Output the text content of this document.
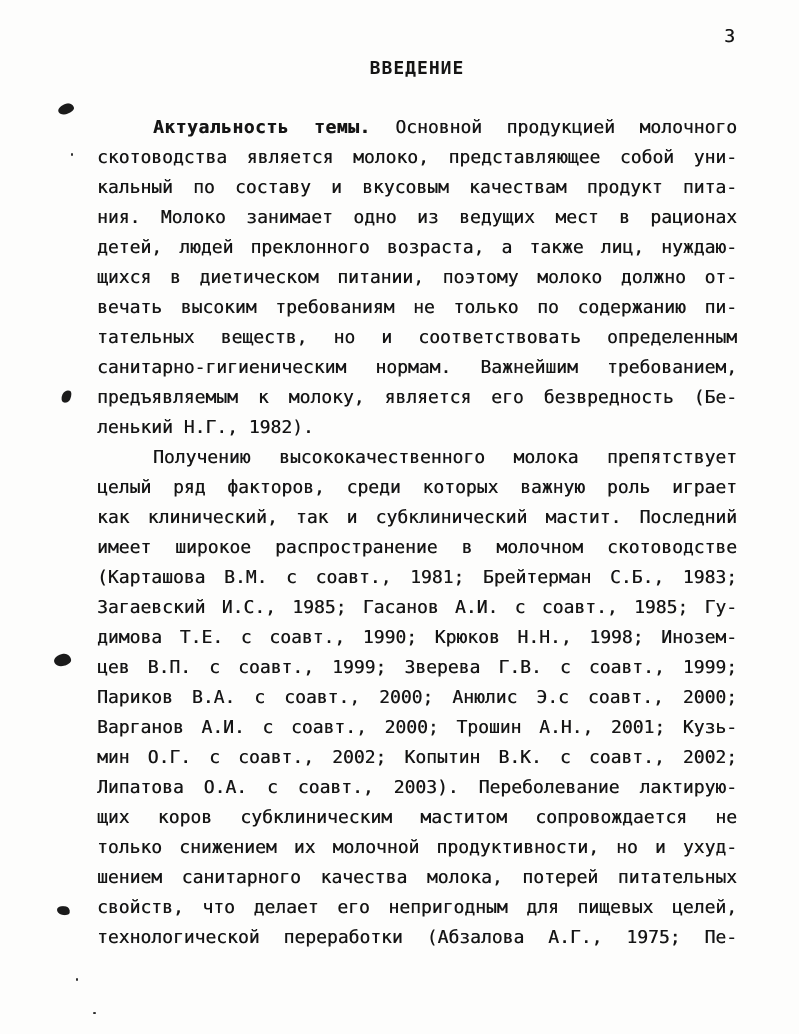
3
ВВЕДЕНИЕ
Актуальность темы. Основной продукцией молочного
скотоводства является молоко, представляющее собой уни-
кальный по составу и вкусовым качествам продукт пита-
ния. Молоко занимает одно из ведущих мест в рационах
детей, людей преклонного возраста, а также лиц, нуждаю-
щихся в диетическом питании, поэтому молоко должно от-
вечать высоким требованиям не только по содержанию пи-
тательных веществ, но и соответствовать определенным
санитарно-гигиеническим нормам. Важнейшим требованием,
предъявляемым к молоку, является его безвредность (Бе-
ленький Н.Г., 1982).
Получению высококачественного молока препятствует
целый ряд факторов, среди которых важную роль играет
как клинический, так и субклинический мастит. Последний
имеет широкое распространение в молочном скотоводстве
(Карташова В.М. с соавт., 1981; Брейтерман С.Б., 1983;
Загаевский И.С., 1985; Гасанов А.И. с соавт., 1985; Гу-
димова Т.Е. с соавт., 1990; Крюков Н.Н., 1998; Инозем-
цев В.П. с соавт., 1999; Зверева Г.В. с соавт., 1999;
Париков В.А. с соавт., 2000; Анюлис Э.с соавт., 2000;
Варганов А.И. с соавт., 2000; Трошин А.Н., 2001; Кузь-
мин О.Г. с соавт., 2002; Копытин В.К. с соавт., 2002;
Липатова О.А. с соавт., 2003). Переболевание лактирую-
щих коров субклиническим маститом сопровождается не
только снижением их молочной продуктивности, но и ухуд-
шением санитарного качества молока, потерей питательных
свойств, что делает его непригодным для пищевых целей,
технологической переработки (Абзалова А.Г., 1975; Пе-
